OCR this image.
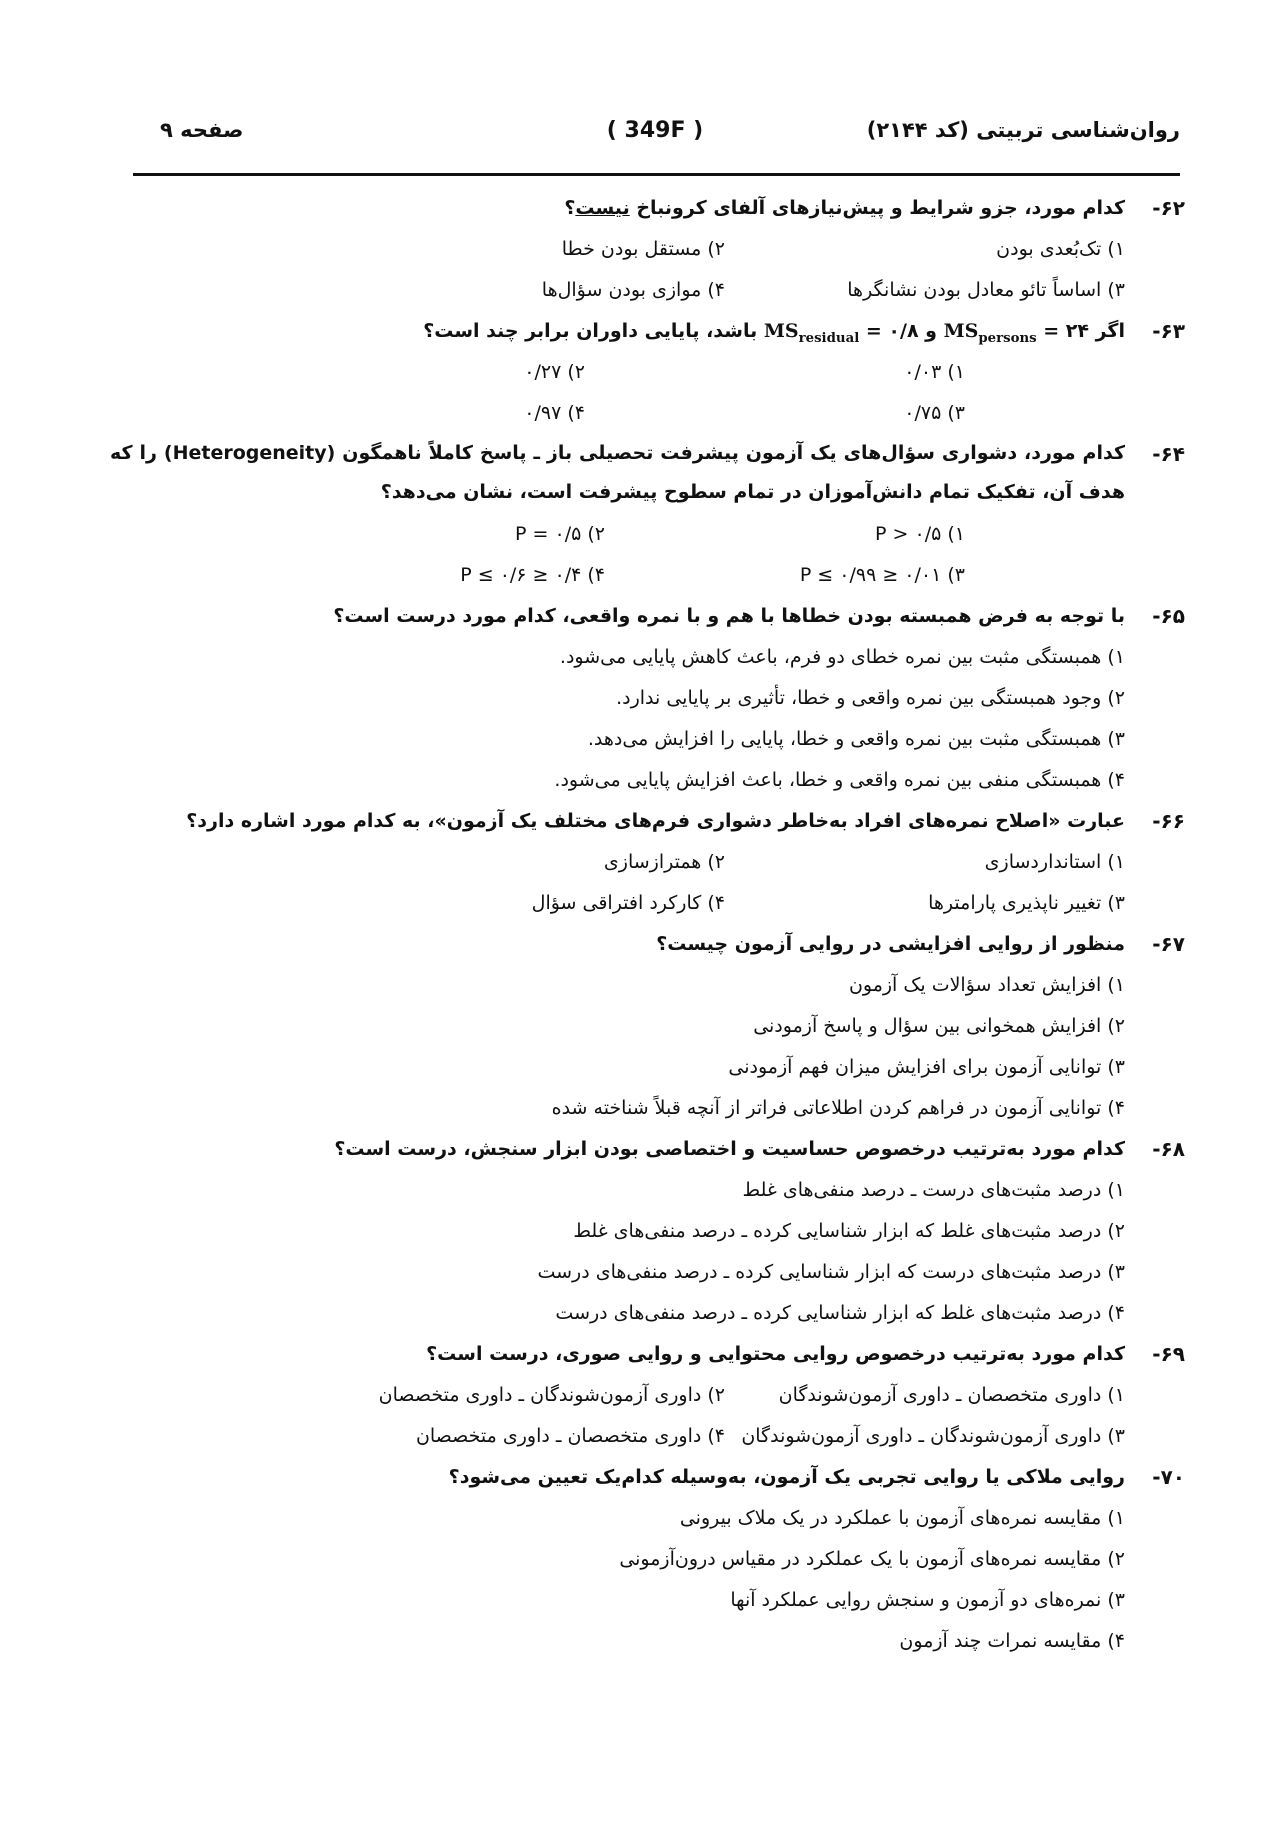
روان‌شناسی تربیتی (کد ۲۱۴۴)
( 349F )
صفحه ۹
۶۲-
کدام مورد، جزو شرایط و پیش‌نیازهای آلفای کرونباخ نیست؟
۱) تک‌بُعدی بودن
۲) مستقل بودن خطا
۳) اساساً تائو معادل بودن نشانگرها
۴) موازی بودن سؤال‌ها
۶۳-
اگر ۲۴ = $MS_{persons}$ و ۰/۸ = $MS_{residual}$ باشد، پایایی داوران برابر چند است؟
۱) ۰/۰۳
۲) ۰/۲۷
۳) ۰/۷۵
۴) ۰/۹۷
۶۴-
کدام مورد، دشواری سؤال‌های یک آزمون پیشرفت تحصیلی باز ـ پاسخ کاملاً ناهمگون (Heterogeneity) را که هدف آن، تفکیک تمام دانش‌آموزان در تمام سطوح پیشرفت است، نشان می‌دهد؟
۱) ۰/۵ < P
۲) P = ۰/۵
۳) ۰/۰۱ ≤ P ≤ ۰/۹۹
۴) ۰/۴ ≤ P ≤ ۰/۶
۶۵-
با توجه به فرض همبسته بودن خطاها با هم و با نمره واقعی، کدام مورد درست است؟
۱) همبستگی مثبت بین نمره خطای دو فرم، باعث کاهش پایایی می‌شود.
۲) وجود همبستگی بین نمره واقعی و خطا، تأثیری بر پایایی ندارد.
۳) همبستگی مثبت بین نمره واقعی و خطا، پایایی را افزایش می‌دهد.
۴) همبستگی منفی بین نمره واقعی و خطا، باعث افزایش پایایی می‌شود.
۶۶-
عبارت «اصلاح نمره‌های افراد به‌خاطر دشواری فرم‌های مختلف یک آزمون»، به کدام مورد اشاره دارد؟
۱) استانداردسازی
۲) همترازسازی
۳) تغییر ناپذیری پارامترها
۴) کارکرد افتراقی سؤال
۶۷-
منظور از روایی افزایشی در روایی آزمون چیست؟
۱) افزایش تعداد سؤالات یک آزمون
۲) افزایش همخوانی بین سؤال و پاسخ آزمودنی
۳) توانایی آزمون برای افزایش میزان فهم آزمودنی
۴) توانایی آزمون در فراهم کردن اطلاعاتی فراتر از آنچه قبلاً شناخته شده
۶۸-
کدام مورد به‌ترتیب درخصوص حساسیت و اختصاصی بودن ابزار سنجش، درست است؟
۱) درصد مثبت‌های درست ـ درصد منفی‌های غلط
۲) درصد مثبت‌های غلط که ابزار شناسایی کرده ـ درصد منفی‌های غلط
۳) درصد مثبت‌های درست که ابزار شناسایی کرده ـ درصد منفی‌های درست
۴) درصد مثبت‌های غلط که ابزار شناسایی کرده ـ درصد منفی‌های درست
۶۹-
کدام مورد به‌ترتیب درخصوص روایی محتوایی و روایی صوری، درست است؟
۱) داوری متخصصان ـ داوری آزمون‌شوندگان
۲) داوری آزمون‌شوندگان ـ داوری متخصصان
۳) داوری آزمون‌شوندگان ـ داوری آزمون‌شوندگان
۴) داوری متخصصان ـ داوری متخصصان
۷۰-
روایی ملاکی یا روایی تجربی یک آزمون، به‌وسیله کدام‌یک تعیین می‌شود؟
۱) مقایسه نمره‌های آزمون با عملکرد در یک ملاک بیرونی
۲) مقایسه نمره‌های آزمون با یک عملکرد در مقیاس درون‌آزمونی
۳) نمره‌های دو آزمون و سنجش روایی عملکرد آنها
۴) مقایسه نمرات چند آزمون
